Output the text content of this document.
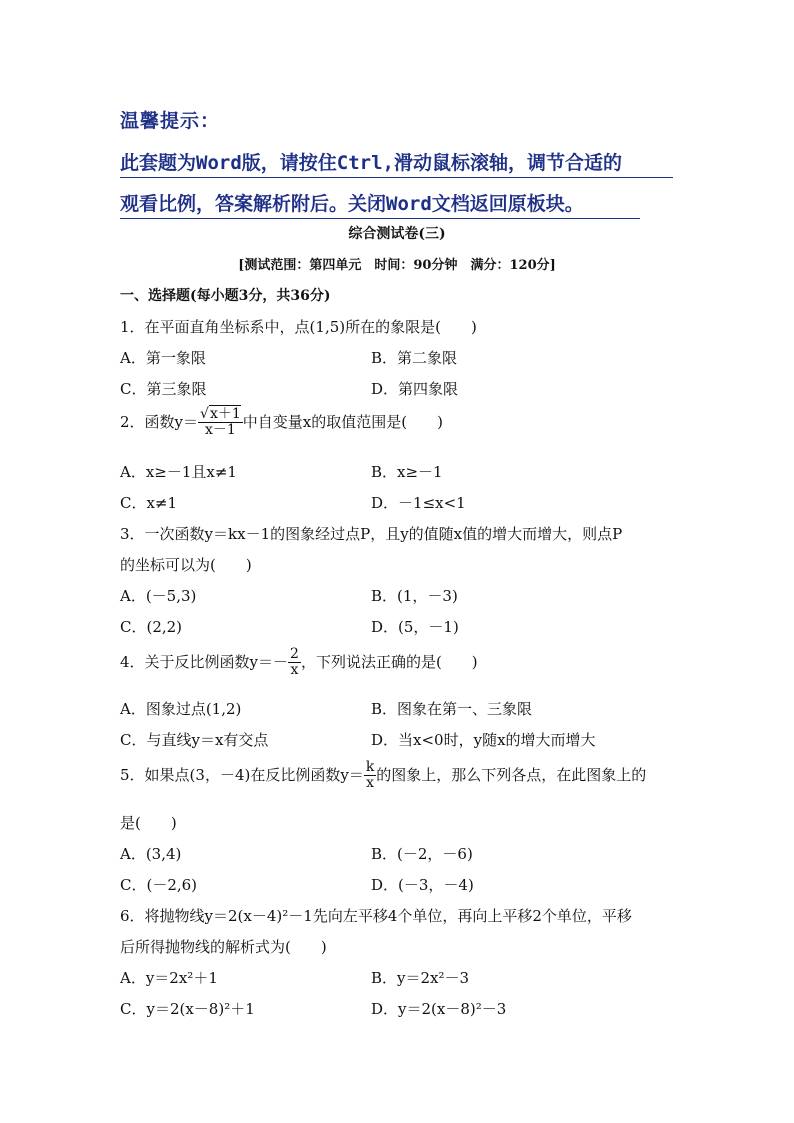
温馨提示：
此套题为Word版，请按住Ctrl,滑动鼠标滚轴，调节合适的
观看比例，答案解析附后。关闭Word文档返回原板块。
综合测试卷(三)
[测试范围：第四单元　时间：90分钟　满分：120分]
一、选择题(每小题3分，共36分)
1．在平面直角坐标系中，点(1,5)所在的象限是(　　)
A．第一象限	B．第二象限
C．第三象限	D．第四象限
2．函数$y= \frac{√x+1}{x-1}$ 中自变量x的取值范围是(　　)
A．x≥－1且x≠1	B．x≥－1
C．x≠1	D．－1≤x<1
3．一次函数y＝kx－1的图象经过点P，且y的值随x值的增大而增大，则点P
的坐标可以为(　　)
A．(－5,3)	B．(1，－3)
C．(2,2)	D．(5，－1)
4．关于反比例函数$y=- \frac{2}{x}$ ，下列说法正确的是(　　)
A．图象过点(1,2)	B．图象在第一、三象限
C．与直线y＝x有交点	D．当x<0时，y随x的增大而增大
5．如果点(3，－4)在反比例函数$y= \frac{k}{x}$ 的图象上，那么下列各点，在此图象上的
是(　　)
A．(3,4)	B．(－2，－6)
C．(－2,6)	D．(－3，－4)
6．将抛物线y＝2(x－4)²－1先向左平移4个单位，再向上平移2个单位，平移
后所得抛物线的解析式为(　　)
A．y＝2x²＋1	B．y＝2x²－3
C．y＝2(x－8)²＋1	D．y＝2(x－8)²－3
